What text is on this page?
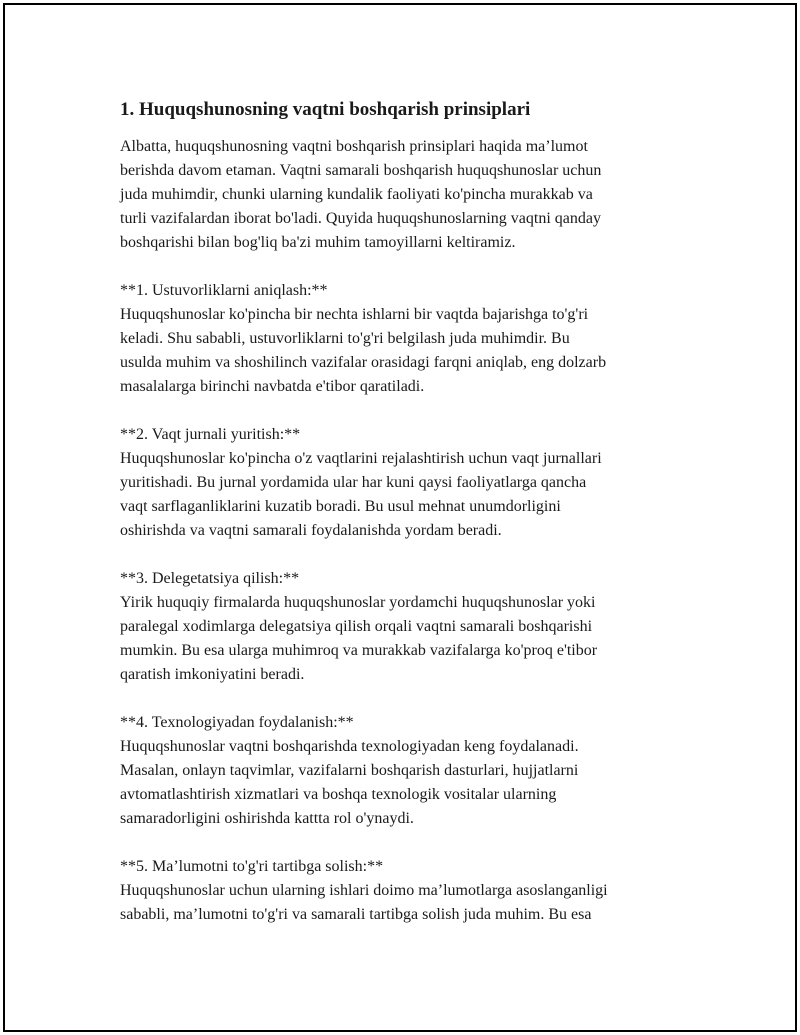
1. Huquqshunosning vaqtni boshqarish prinsiplari
Albatta, huquqshunosning vaqtni boshqarish prinsiplari haqida ma’lumot
berishda davom etaman. Vaqtni samarali boshqarish huquqshunoslar uchun
juda muhimdir, chunki ularning kundalik faoliyati ko'pincha murakkab va
turli vazifalardan iborat bo'ladi. Quyida huquqshunoslarning vaqtni qanday
boshqarishi bilan bog'liq ba'zi muhim tamoyillarni keltiramiz.
**1. Ustuvorliklarni aniqlash:**
Huquqshunoslar ko'pincha bir nechta ishlarni bir vaqtda bajarishga to'g'ri
keladi. Shu sababli, ustuvorliklarni to'g'ri belgilash juda muhimdir. Bu
usulda muhim va shoshilinch vazifalar orasidagi farqni aniqlab, eng dolzarb
masalalarga birinchi navbatda e'tibor qaratiladi.
**2. Vaqt jurnali yuritish:**
Huquqshunoslar ko'pincha o'z vaqtlarini rejalashtirish uchun vaqt jurnallari
yuritishadi. Bu jurnal yordamida ular har kuni qaysi faoliyatlarga qancha
vaqt sarflaganliklarini kuzatib boradi. Bu usul mehnat unumdorligini
oshirishda va vaqtni samarali foydalanishda yordam beradi.
**3. Delegetatsiya qilish:**
Yirik huquqiy firmalarda huquqshunoslar yordamchi huquqshunoslar yoki
paralegal xodimlarga delegatsiya qilish orqali vaqtni samarali boshqarishi
mumkin. Bu esa ularga muhimroq va murakkab vazifalarga ko'proq e'tibor
qaratish imkoniyatini beradi.
**4. Texnologiyadan foydalanish:**
Huquqshunoslar vaqtni boshqarishda texnologiyadan keng foydalanadi.
Masalan, onlayn taqvimlar, vazifalarni boshqarish dasturlari, hujjatlarni
avtomatlashtirish xizmatlari va boshqa texnologik vositalar ularning
samaradorligini oshirishda kattta rol o'ynaydi.
**5. Ma’lumotni to'g'ri tartibga solish:**
Huquqshunoslar uchun ularning ishlari doimo ma’lumotlarga asoslanganligi
sababli, ma’lumotni to'g'ri va samarali tartibga solish juda muhim. Bu esa
